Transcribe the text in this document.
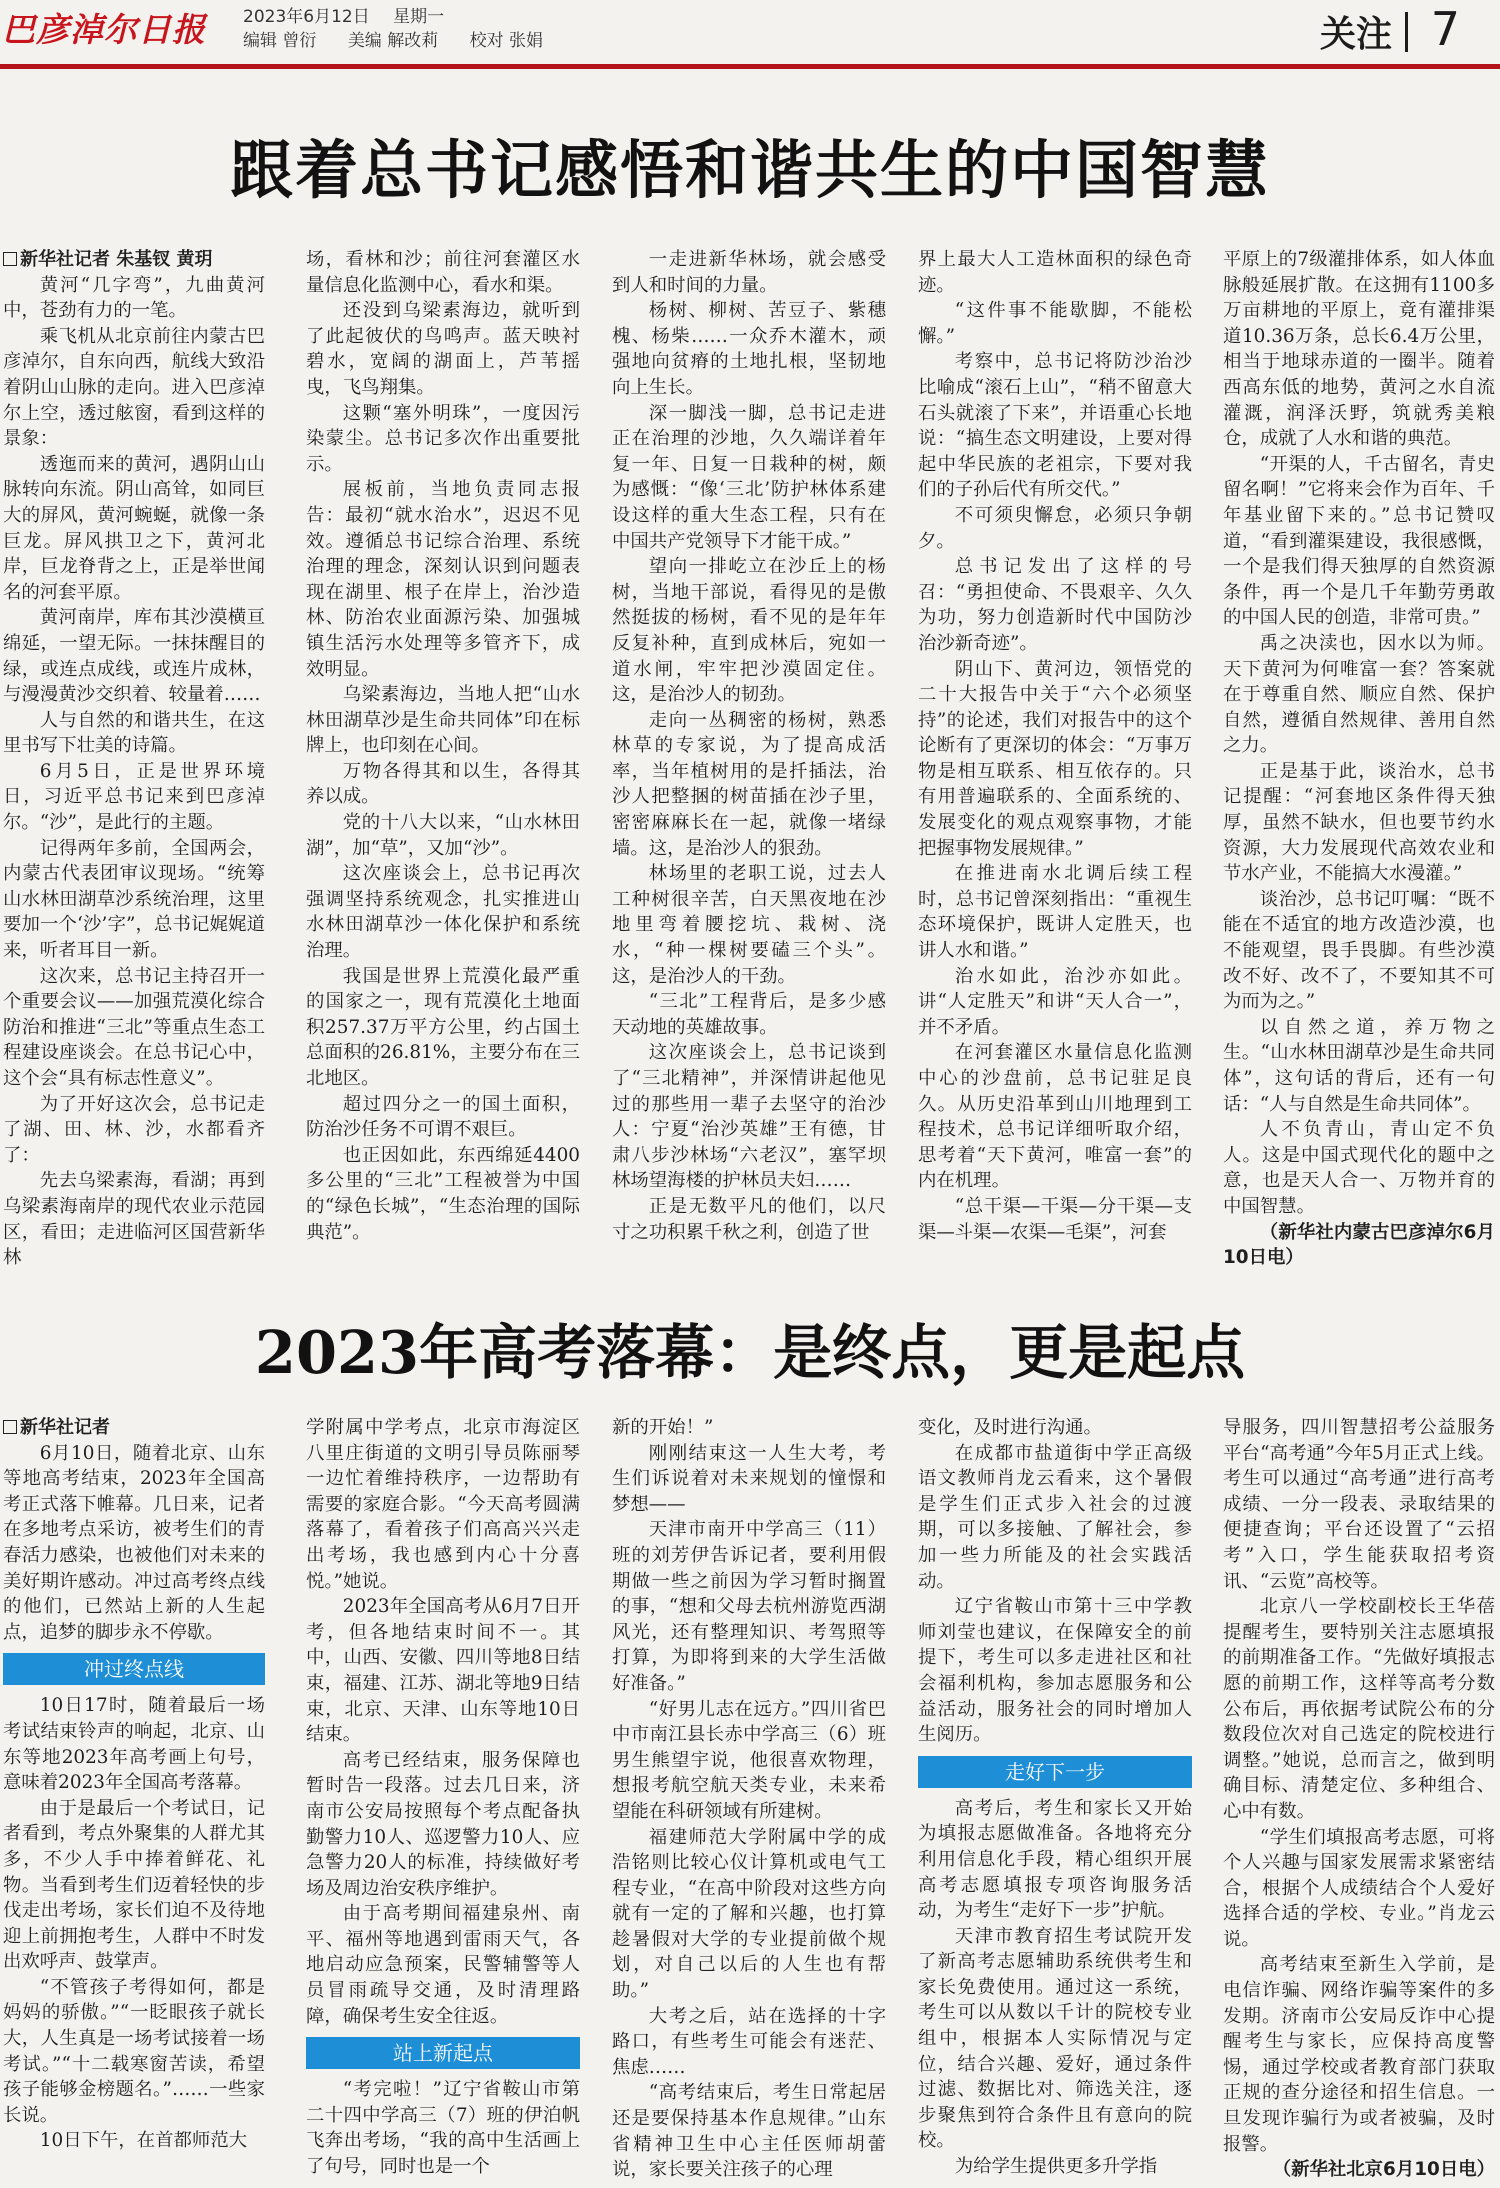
巴彦淖尔日报 2023年6月12日 星期一
编辑 曾衍 美编 解改莉 校对 张娟	关注 7
跟着总书记感悟和谐共生的中国智慧

新华社记者 朱基钗 黄玥

黄河“几字弯”，九曲黄河中，苍劲有力的一笔。

乘飞机从北京前往内蒙古巴彦淖尔，自东向西，航线大致沿着阴山山脉的走向。进入巴彦淖尔上空，透过舷窗，看到这样的景象：

透迤而来的黄河，遇阴山山脉转向东流。阴山高耸，如同巨大的屏风，黄河蜿蜒，就像一条巨龙。屏风拱卫之下，黄河北岸，巨龙脊背之上，正是举世闻名的河套平原。

黄河南岸，库布其沙漠横亘绵延，一望无际。一抹抹醒目的绿，或连点成线，或连片成林，与漫漫黄沙交织着、较量着……

人与自然的和谐共生，在这里书写下壮美的诗篇。

6月5日，正是世界环境日，习近平总书记来到巴彦淖尔。“沙”，是此行的主题。

记得两年多前，全国两会，内蒙古代表团审议现场。“统筹山水林田湖草沙系统治理，这里要加一个‘沙’字”，总书记娓娓道来，听者耳目一新。

这次来，总书记主持召开一个重要会议——加强荒漠化综合防治和推进“三北”等重点生态工程建设座谈会。在总书记心中，这个会“具有标志性意义”。

为了开好这次会，总书记走了湖、田、林、沙，水都看齐了：

先去乌梁素海，看湖；再到乌梁素海南岸的现代农业示范园区，看田；走进临河区国营新华林

场，看林和沙；前往河套灌区水量信息化监测中心，看水和渠。

还没到乌梁素海边，就听到了此起彼伏的鸟鸣声。蓝天映衬碧水，宽阔的湖面上，芦苇摇曳，飞鸟翔集。

这颗“塞外明珠”，一度因污染蒙尘。总书记多次作出重要批示。

展板前，当地负责同志报告：最初“就水治水”，迟迟不见效。遵循总书记综合治理、系统治理的理念，深刻认识到问题表现在湖里、根子在岸上，治沙造林、防治农业面源污染、加强城镇生活污水处理等多管齐下，成效明显。

乌梁素海边，当地人把“山水林田湖草沙是生命共同体”印在标牌上，也印刻在心间。

万物各得其和以生，各得其养以成。

党的十八大以来，“山水林田湖”，加“草”，又加“沙”。

这次座谈会上，总书记再次强调坚持系统观念，扎实推进山水林田湖草沙一体化保护和系统治理。

我国是世界上荒漠化最严重的国家之一，现有荒漠化土地面积257.37万平方公里，约占国土总面积的26.81%，主要分布在三北地区。

超过四分之一的国土面积，防治沙任务不可谓不艰巨。

也正因如此，东西绵延4400多公里的“三北”工程被誉为中国的“绿色长城”，“生态治理的国际典范”。

一走进新华林场，就会感受到人和时间的力量。

杨树、柳树、苦豆子、紫穗槐、杨柴……一众乔木灌木，顽强地向贫瘠的土地扎根，坚韧地向上生长。

深一脚浅一脚，总书记走进正在治理的沙地，久久端详着年复一年、日复一日栽种的树，颇为感慨：“像‘三北’防护林体系建设这样的重大生态工程，只有在中国共产党领导下才能干成。”

望向一排屹立在沙丘上的杨树，当地干部说，看得见的是傲然挺拔的杨树，看不见的是年年反复补种，直到成林后，宛如一道水闸，牢牢把沙漠固定住。这，是治沙人的韧劲。

走向一丛稠密的杨树，熟悉林草的专家说，为了提高成活率，当年植树用的是扦插法，治沙人把整捆的树苗插在沙子里，密密麻麻长在一起，就像一堵绿墙。这，是治沙人的狠劲。

林场里的老职工说，过去人工种树很辛苦，白天黑夜地在沙地里弯着腰挖坑、栽树、浇水，“种一棵树要磕三个头”。这，是治沙人的干劲。

“三北”工程背后，是多少感天动地的英雄故事。

这次座谈会上，总书记谈到了“三北精神”，并深情讲起他见过的那些用一辈子去坚守的治沙人：宁夏“治沙英雄”王有德，甘肃八步沙林场“六老汉”，塞罕坝林场望海楼的护林员夫妇……

正是无数平凡的他们，以尺寸之功积累千秋之利，创造了世

界上最大人工造林面积的绿色奇迹。

“这件事不能歇脚，不能松懈。”

考察中，总书记将防沙治沙比喻成“滚石上山”，“稍不留意大石头就滚了下来”，并语重心长地说：“搞生态文明建设，上要对得起中华民族的老祖宗，下要对我们的子孙后代有所交代。”

不可须臾懈怠，必须只争朝夕。

总书记发出了这样的号召：“勇担使命、不畏艰辛、久久为功，努力创造新时代中国防沙治沙新奇迹”。

阴山下、黄河边，领悟党的二十大报告中关于“六个必须坚持”的论述，我们对报告中的这个论断有了更深切的体会：“万事万物是相互联系、相互依存的。只有用普遍联系的、全面系统的、发展变化的观点观察事物，才能把握事物发展规律。”

在推进南水北调后续工程时，总书记曾深刻指出：“重视生态环境保护，既讲人定胜天，也讲人水和谐。”

治水如此，治沙亦如此。讲“人定胜天”和讲“天人合一”，并不矛盾。

在河套灌区水量信息化监测中心的沙盘前，总书记驻足良久。从历史沿革到山川地理到工程技术，总书记详细听取介绍，思考着“天下黄河，唯富一套”的内在机理。

“总干渠—干渠—分干渠—支渠—斗渠—农渠—毛渠”，河套

平原上的7级灌排体系，如人体血脉般延展扩散。在这拥有1100多万亩耕地的平原上，竟有灌排渠道10.36万条，总长6.4万公里，相当于地球赤道的一圈半。随着西高东低的地势，黄河之水自流灌溉，润泽沃野，筑就秀美粮仓，成就了人水和谐的典范。

“开渠的人，千古留名，青史留名啊！”它将来会作为百年、千年基业留下来的。”总书记赞叹道，“看到灌渠建设，我很感慨，一个是我们得天独厚的自然资源条件，再一个是几千年勤劳勇敢的中国人民的创造，非常可贵。”

禹之决渎也，因水以为师。天下黄河为何唯富一套？答案就在于尊重自然、顺应自然、保护自然，遵循自然规律、善用自然之力。

正是基于此，谈治水，总书记提醒：“河套地区条件得天独厚，虽然不缺水，但也要节约水资源，大力发展现代高效农业和节水产业，不能搞大水漫灌。”

谈治沙，总书记叮嘱：“既不能在不适宜的地方改造沙漠，也不能观望，畏手畏脚。有些沙漠改不好、改不了，不要知其不可为而为之。”

以自然之道，养万物之生。“山水林田湖草沙是生命共同体”，这句话的背后，还有一句话：“人与自然是生命共同体”。

人不负青山，青山定不负人。这是中国式现代化的题中之意，也是天人合一、万物并育的中国智慧。

（新华社内蒙古巴彦淖尔6月10日电）

2023年高考落幕：是终点，更是起点

新华社记者

6月10日，随着北京、山东等地高考结束，2023年全国高考正式落下帷幕。几日来，记者在多地考点采访，被考生们的青春活力感染，也被他们对未来的美好期许感动。冲过高考终点线的他们，已然站上新的人生起点，追梦的脚步永不停歇。

冲过终点线

10日17时，随着最后一场考试结束铃声的响起，北京、山东等地2023年高考画上句号，意味着2023年全国高考落幕。

由于是最后一个考试日，记者看到，考点外聚集的人群尤其多，不少人手中捧着鲜花、礼物。当看到考生们迈着轻快的步伐走出考场，家长们迫不及待地迎上前拥抱考生，人群中不时发出欢呼声、鼓掌声。

“不管孩子考得如何，都是妈妈的骄傲。”“一眨眼孩子就长大，人生真是一场考试接着一场考试。”“十二载寒窗苦读，希望孩子能够金榜题名。”……一些家长说。

10日下午，在首都师范大

学附属中学考点，北京市海淀区八里庄街道的文明引导员陈丽琴一边忙着维持秩序，一边帮助有需要的家庭合影。“今天高考圆满落幕了，看着孩子们高高兴兴走出考场，我也感到内心十分喜悦。”她说。

2023年全国高考从6月7日开考，但各地结束时间不一。其中，山西、安徽、四川等地8日结束，福建、江苏、湖北等地9日结束，北京、天津、山东等地10日结束。

高考已经结束，服务保障也暂时告一段落。过去几日来，济南市公安局按照每个考点配备执勤警力10人、巡逻警力10人、应急警力20人的标准，持续做好考场及周边治安秩序维护。

由于高考期间福建泉州、南平、福州等地遇到雷雨天气，各地启动应急预案，民警辅警等人员冒雨疏导交通，及时清理路障，确保考生安全往返。

站上新起点

“考完啦！”辽宁省鞍山市第二十四中学高三（7）班的伊泊帆飞奔出考场，“我的高中生活画上了句号，同时也是一个

新的开始！”

刚刚结束这一人生大考，考生们诉说着对未来规划的憧憬和梦想——

天津市南开中学高三（11）班的刘芳伊告诉记者，要利用假期做一些之前因为学习暂时搁置的事，“想和父母去杭州游览西湖风光，还有整理知识、考驾照等打算，为即将到来的大学生活做好准备。”

“好男儿志在远方。”四川省巴中市南江县长赤中学高三（6）班男生熊望宇说，他很喜欢物理，想报考航空航天类专业，未来希望能在科研领域有所建树。

福建师范大学附属中学的成浩铭则比较心仪计算机或电气工程专业，“在高中阶段对这些方向就有一定的了解和兴趣，也打算趁暑假对大学的专业提前做个规划，对自己以后的人生也有帮助。”

大考之后，站在选择的十字路口，有些考生可能会有迷茫、焦虑……

“高考结束后，考生日常起居还是要保持基本作息规律。”山东省精神卫生中心主任医师胡蕾说，家长要关注孩子的心理

变化，及时进行沟通。

在成都市盐道街中学正高级语文教师肖龙云看来，这个暑假是学生们正式步入社会的过渡期，可以多接触、了解社会，参加一些力所能及的社会实践活动。

辽宁省鞍山市第十三中学教师刘莹也建议，在保障安全的前提下，考生可以多走进社区和社会福利机构，参加志愿服务和公益活动，服务社会的同时增加人生阅历。

走好下一步

高考后，考生和家长又开始为填报志愿做准备。各地将充分利用信息化手段，精心组织开展高考志愿填报专项咨询服务活动，为考生“走好下一步”护航。

天津市教育招生考试院开发了新高考志愿辅助系统供考生和家长免费使用。通过这一系统，考生可以从数以千计的院校专业组中，根据本人实际情况与定位，结合兴趣、爱好，通过条件过滤、数据比对、筛选关注，逐步聚焦到符合条件且有意向的院校。

为给学生提供更多升学指

导服务，四川智慧招考公益服务平台“高考通”今年5月正式上线。考生可以通过“高考通”进行高考成绩、一分一段表、录取结果的便捷查询；平台还设置了“云招考”入口，学生能获取招考资讯、“云览”高校等。

北京八一学校副校长王华蓓提醒考生，要特别关注志愿填报的前期准备工作。“先做好填报志愿的前期工作，这样等高考分数公布后，再依据考试院公布的分数段位次对自己选定的院校进行调整。”她说，总而言之，做到明确目标、清楚定位、多种组合、心中有数。

“学生们填报高考志愿，可将个人兴趣与国家发展需求紧密结合，根据个人成绩结合个人爱好选择合适的学校、专业。”肖龙云说。

高考结束至新生入学前，是电信诈骗、网络诈骗等案件的多发期。济南市公安局反诈中心提醒考生与家长，应保持高度警惕，通过学校或者教育部门获取正规的查分途径和招生信息。一旦发现诈骗行为或者被骗，及时报警。

（新华社北京6月10日电）
